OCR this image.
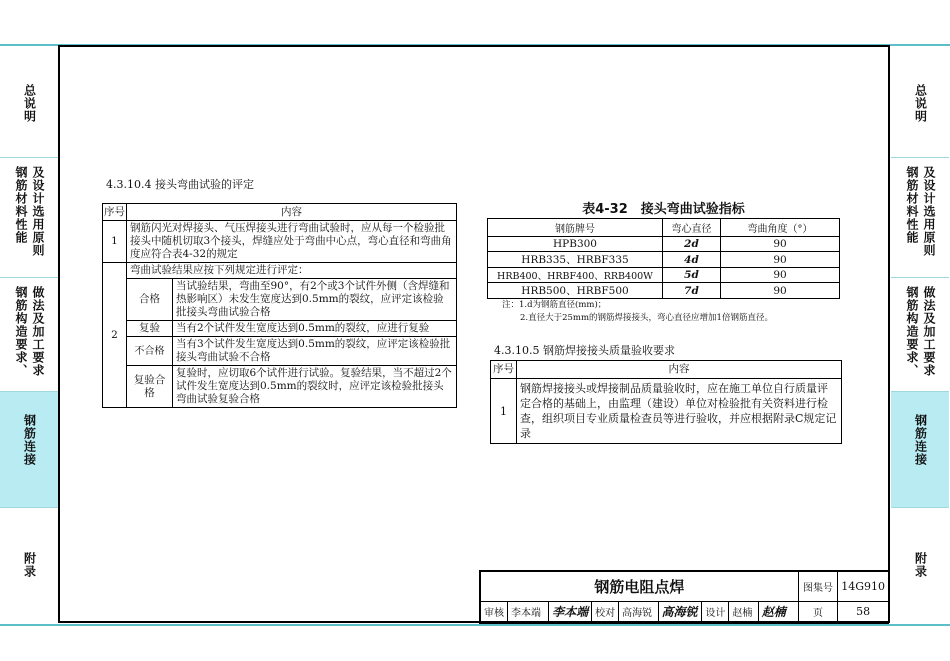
总说明
钢筋材料性能 及设计选用原则
钢筋构造要求、 做法及加工要求
钢筋连接
附录
总说明
钢筋材料性能 及设计选用原则
钢筋构造要求、 做法及加工要求
钢筋连接
附录
4.3.10.4 接头弯曲试验的评定
序号	内容	
1	钢筋闪光对焊接头、气压焊接头进行弯曲试验时，应从每一个检验批接头中随机切取3个接头，焊缝应处于弯曲中心点，弯心直径和弯曲角度应符合表4-32的规定	
2	弯曲试验结果应按下列规定进行评定：	
	合格	当试验结果，弯曲至90°，有2个或3个试件外侧（含焊缝和热影响区）未发生宽度达到0.5mm的裂纹，应评定该检验批接头弯曲试验合格
	复验	当有2个试件发生宽度达到0.5mm的裂纹，应进行复验
	不合格	当有3个试件发生宽度达到0.5mm的裂纹，应评定该检验批接头弯曲试验不合格
	复验合格	复验时，应切取6个试件进行试验。复验结果，当不超过2个试件发生宽度达到0.5mm的裂纹时，应评定该检验批接头弯曲试验复验合格
表4-32　接头弯曲试验指标
钢筋牌号	弯心直径	弯曲角度（°）
HPB300	2d	90
HRB335、HRBF335	4d	90
HRB400、HRBF400、RRB400W	5d	90
HRB500、HRBF500	7d	90
注：1.d为钢筋直径(mm)；
2.直径大于25mm的钢筋焊接接头，弯心直径应增加1倍钢筋直径。
4.3.10.5 钢筋焊接接头质量验收要求
序号	内容
1	钢筋焊接接头或焊接制品质量验收时，应在施工单位自行质量评定合格的基础上，由监理（建设）单位对检验批有关资料进行检查，组织项目专业质量检查员等进行验收，并应根据附录C规定记录
钢筋电阻点焊									图集号	14G910
审核	李本端	李本端	校对	高海锐	高海锐	设计	赵楠	赵楠	页	58
